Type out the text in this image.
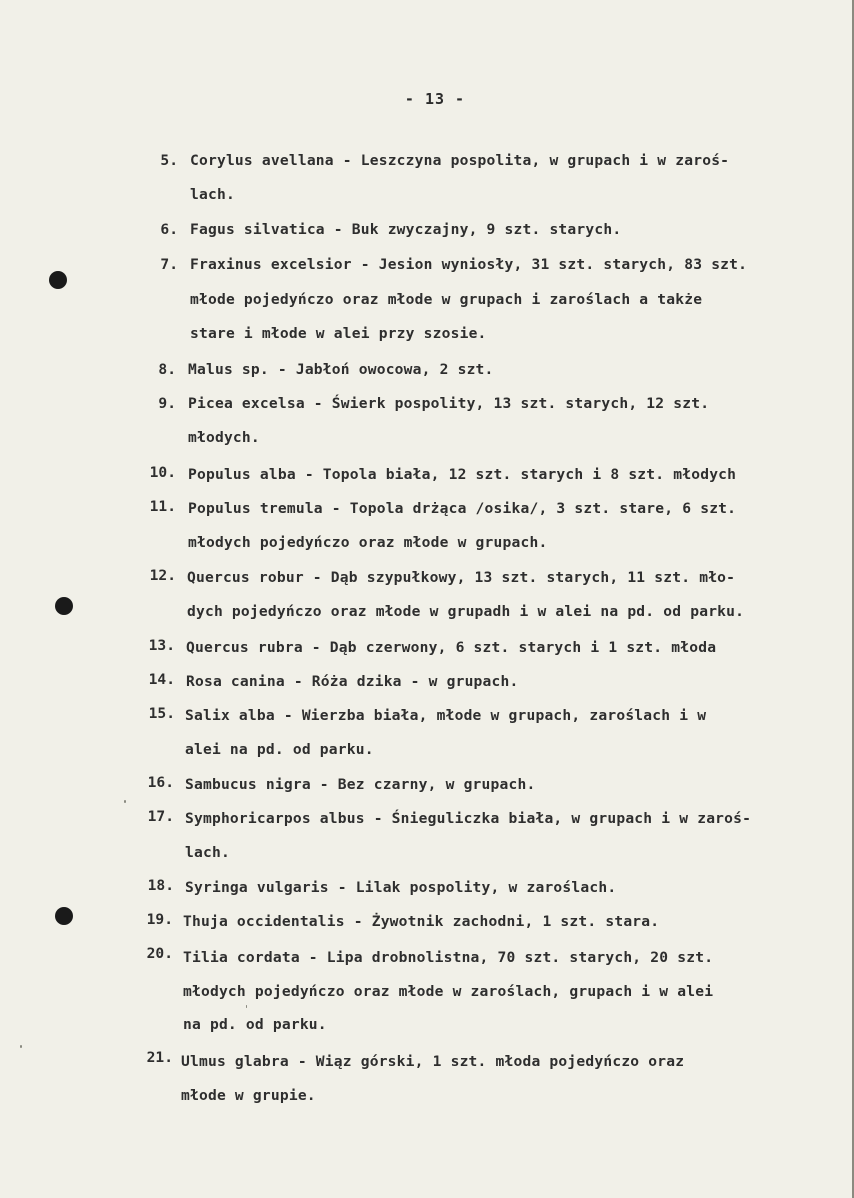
- 13 -
5. Corylus avellana - Leszczyna pospolita, w grupach i w zaroś-
lach.
6. Fagus silvatica - Buk zwyczajny, 9 szt. starych.
7. Fraxinus excelsior - Jesion wyniosły, 31 szt. starych, 83 szt.
młode pojedyńczo oraz młode w grupach i zaroślach a także
stare i młode w alei przy szosie.
8. Malus sp. - Jabłoń owocowa, 2 szt.
9. Picea excelsa - Świerk pospolity, 13 szt. starych, 12 szt.
młodych.
10. Populus alba - Topola biała, 12 szt. starych i 8 szt. młodych
11. Populus tremula - Topola drżąca /osika/, 3 szt. stare, 6 szt.
młodych pojedyńczo oraz młode w grupach.
12. Quercus robur - Dąb szypułkowy, 13 szt. starych, 11 szt. mło-
dych pojedyńczo oraz młode w grupadh i w alei na pd. od parku.
13. Quercus rubra - Dąb czerwony, 6 szt. starych i 1 szt. młoda
14. Rosa canina - Róża dzika - w grupach.
15. Salix alba - Wierzba biała, młode w grupach, zaroślach i w
alei na pd. od parku.
16. Sambucus nigra - Bez czarny, w grupach.
17. Symphoricarpos albus - Śnieguliczka biała, w grupach i w zaroś-
lach.
18. Syringa vulgaris - Lilak pospolity, w zaroślach.
19. Thuja occidentalis - Żywotnik zachodni, 1 szt. stara.
20. Tilia cordata - Lipa drobnolistna, 70 szt. starych, 20 szt.
młodych pojedyńczo oraz młode w zaroślach, grupach i w alei
na pd. od parku.
21. Ulmus glabra - Wiąz górski, 1 szt. młoda pojedyńczo oraz
młode w grupie.
